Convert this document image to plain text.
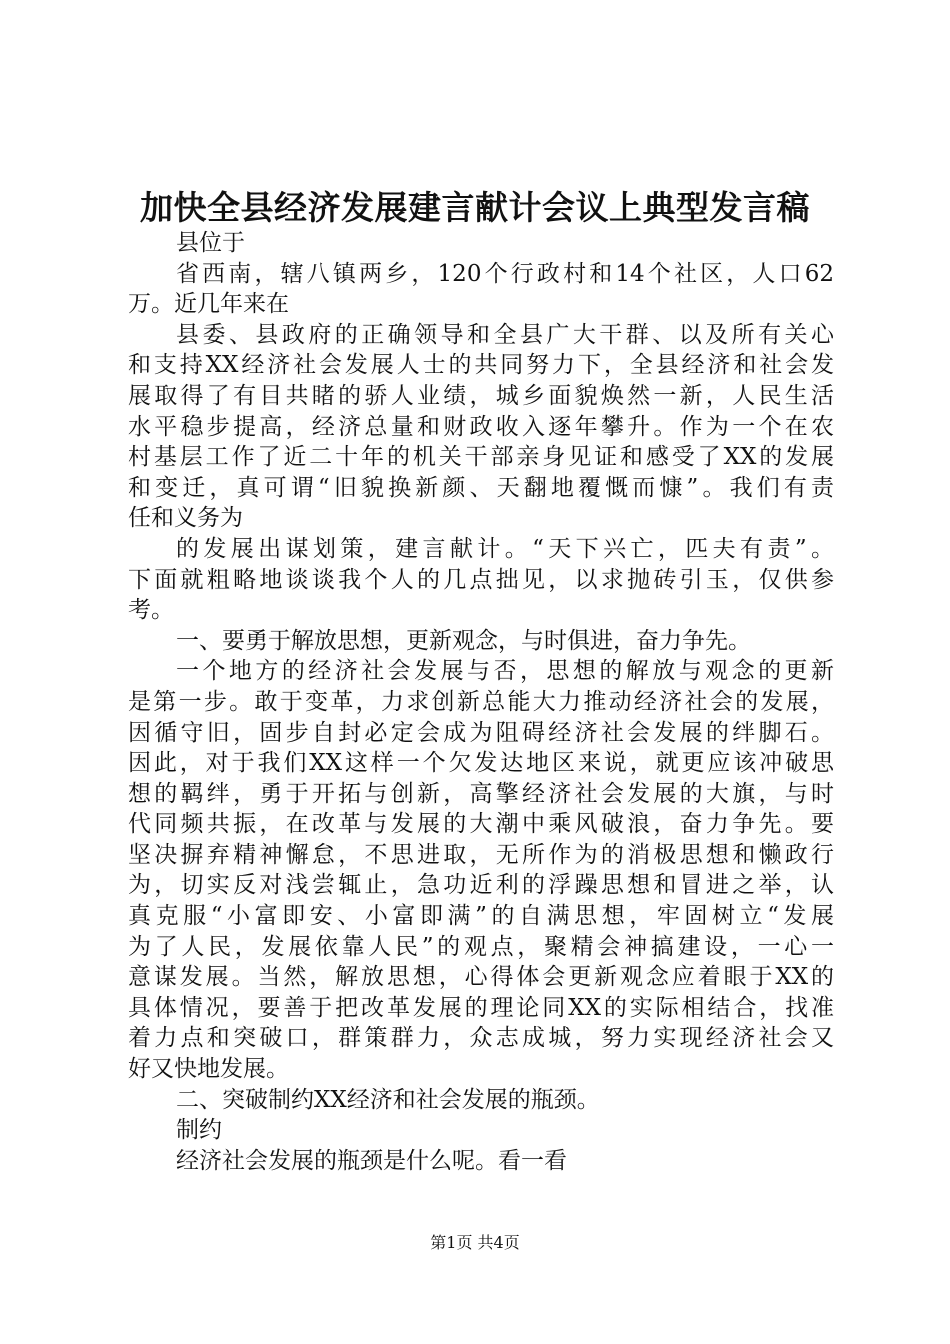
加快全县经济发展建言献计会议上典型发言稿
县位于
省西南，辖八镇两乡，120个行政村和14个社区，人口62
万。近几年来在
县委、县政府的正确领导和全县广大干群、以及所有关心
和支持XX经济社会发展人士的共同努力下，全县经济和社会发
展取得了有目共睹的骄人业绩，城乡面貌焕然一新，人民生活
水平稳步提高，经济总量和财政收入逐年攀升。作为一个在农
村基层工作了近二十年的机关干部亲身见证和感受了XX的发展
和变迁，真可谓“旧貌换新颜、天翻地覆慨而慷”。我们有责
任和义务为
的发展出谋划策，建言献计。“天下兴亡，匹夫有责”。
下面就粗略地谈谈我个人的几点拙见，以求抛砖引玉，仅供参
考。
一、要勇于解放思想，更新观念，与时俱进，奋力争先。
一个地方的经济社会发展与否，思想的解放与观念的更新
是第一步。敢于变革，力求创新总能大力推动经济社会的发展，
因循守旧，固步自封必定会成为阻碍经济社会发展的绊脚石。
因此，对于我们XX这样一个欠发达地区来说，就更应该冲破思
想的羁绊，勇于开拓与创新，高擎经济社会发展的大旗，与时
代同频共振，在改革与发展的大潮中乘风破浪，奋力争先。要
坚决摒弃精神懈怠，不思进取，无所作为的消极思想和懒政行
为，切实反对浅尝辄止，急功近利的浮躁思想和冒进之举，认
真克服“小富即安、小富即满”的自满思想，牢固树立“发展
为了人民，发展依靠人民”的观点，聚精会神搞建设，一心一
意谋发展。当然，解放思想，心得体会更新观念应着眼于XX的
具体情况，要善于把改革发展的理论同XX的实际相结合，找准
着力点和突破口，群策群力，众志成城，努力实现经济社会又
好又快地发展。
二、突破制约XX经济和社会发展的瓶颈。
制约
经济社会发展的瓶颈是什么呢。看一看
第1页 共4页
